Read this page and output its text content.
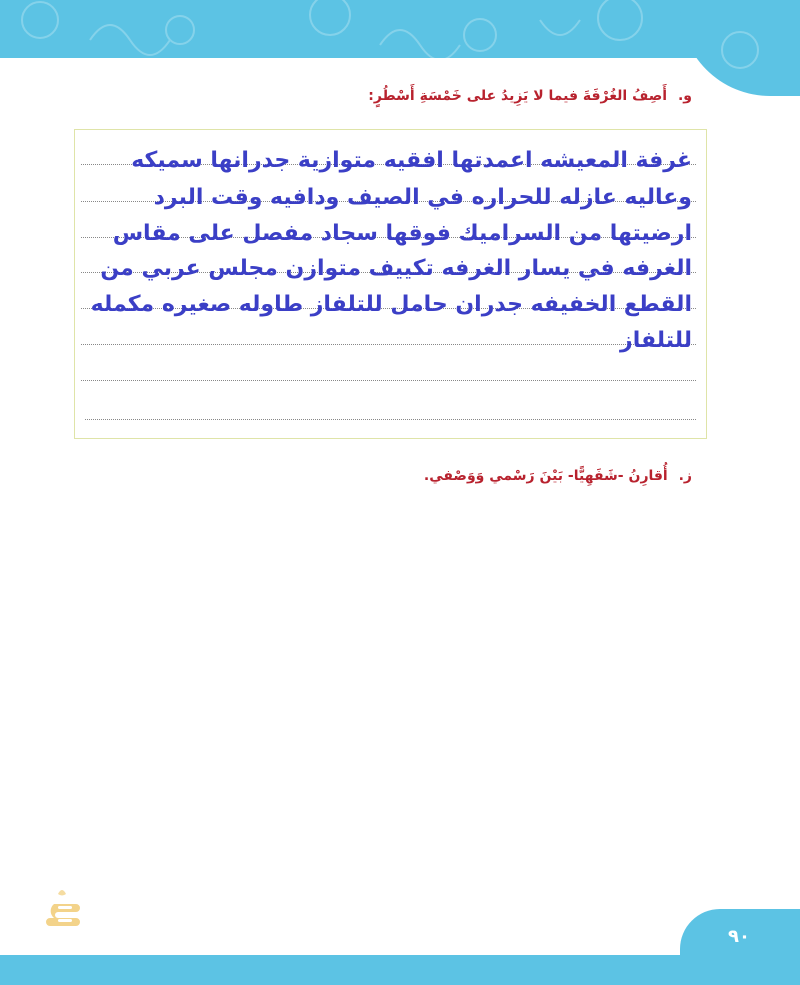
و. أَصِفُ الغُرْفَةَ فيما لا يَزِيدُ على خَمْسَةِ أَسْطُرٍ:
غرفة المعيشه اعمدتها افقيه متوازية جدرانها سميكه
وعاليه عازله للحراره في الصيف ودافيه وقت البرد
ارضيتها من السراميك فوقها سجاد مفصل على مقاس
الغرفه في يسار الغرفه تكييف متوازن مجلس عربي من
القطع الخفيفه جدران حامل للتلفاز طاوله صغيره مكمله
للتلفاز
ز. أُقارِنُ -شَفَهِيًّا- بَيْنَ رَسْمي وَوَصْفي.
٩٠
